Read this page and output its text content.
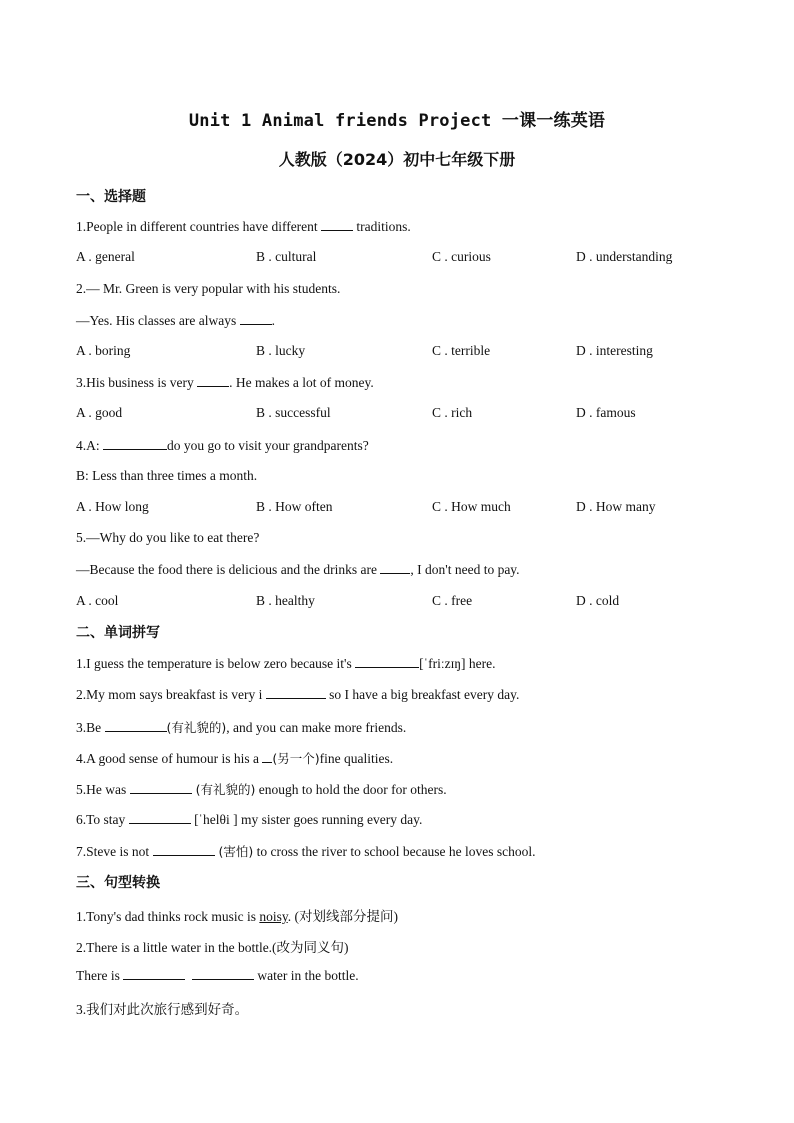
Unit 1 Animal friends Project 一课一练英语
人教版（2024）初中七年级下册
一、选择题
1.People in different countries have different  traditions.
A . general	B . cultural	C . curious	D . understanding
2.— Mr. Green is very popular with his students.
—Yes. His classes are always .
A . boring	B . lucky	C . terrible	D . interesting
3.His business is very . He makes a lot of money.
A . good	B . successful	C . rich	D . famous
4.A:	do you go to visit your grandparents?
B: Less than three times a month.
A . How long	B . How often	C . How much	D . How many
5.—Why do you like to eat there?
—Because the food there is delicious and the drinks are , I don't need to pay.
A . cool	B . healthy	C . free	D . cold
二、单词拼写
1.I guess the temperature is below zero because it's	[ˈfriːzɪŋ] here.
2.My mom says breakfast is very i	so I have a big breakfast every day.
3.Be	(有礼貌的), and you can make more friends.
4.A good sense of humour is his a (另一个)fine qualities.
5.He was	(有礼貌的) enough to hold the door for others.
6.To stay	[ˈhelθi ] my sister goes running every day.
7.Steve is not	(害怕) to cross the river to school because he loves school.
三、句型转换
1.Tony's dad thinks rock music is noisy. (对划线部分提问)
2.There is a little water in the bottle.(改为同义句)
There is	water in the bottle.
3.我们对此次旅行感到好奇。
